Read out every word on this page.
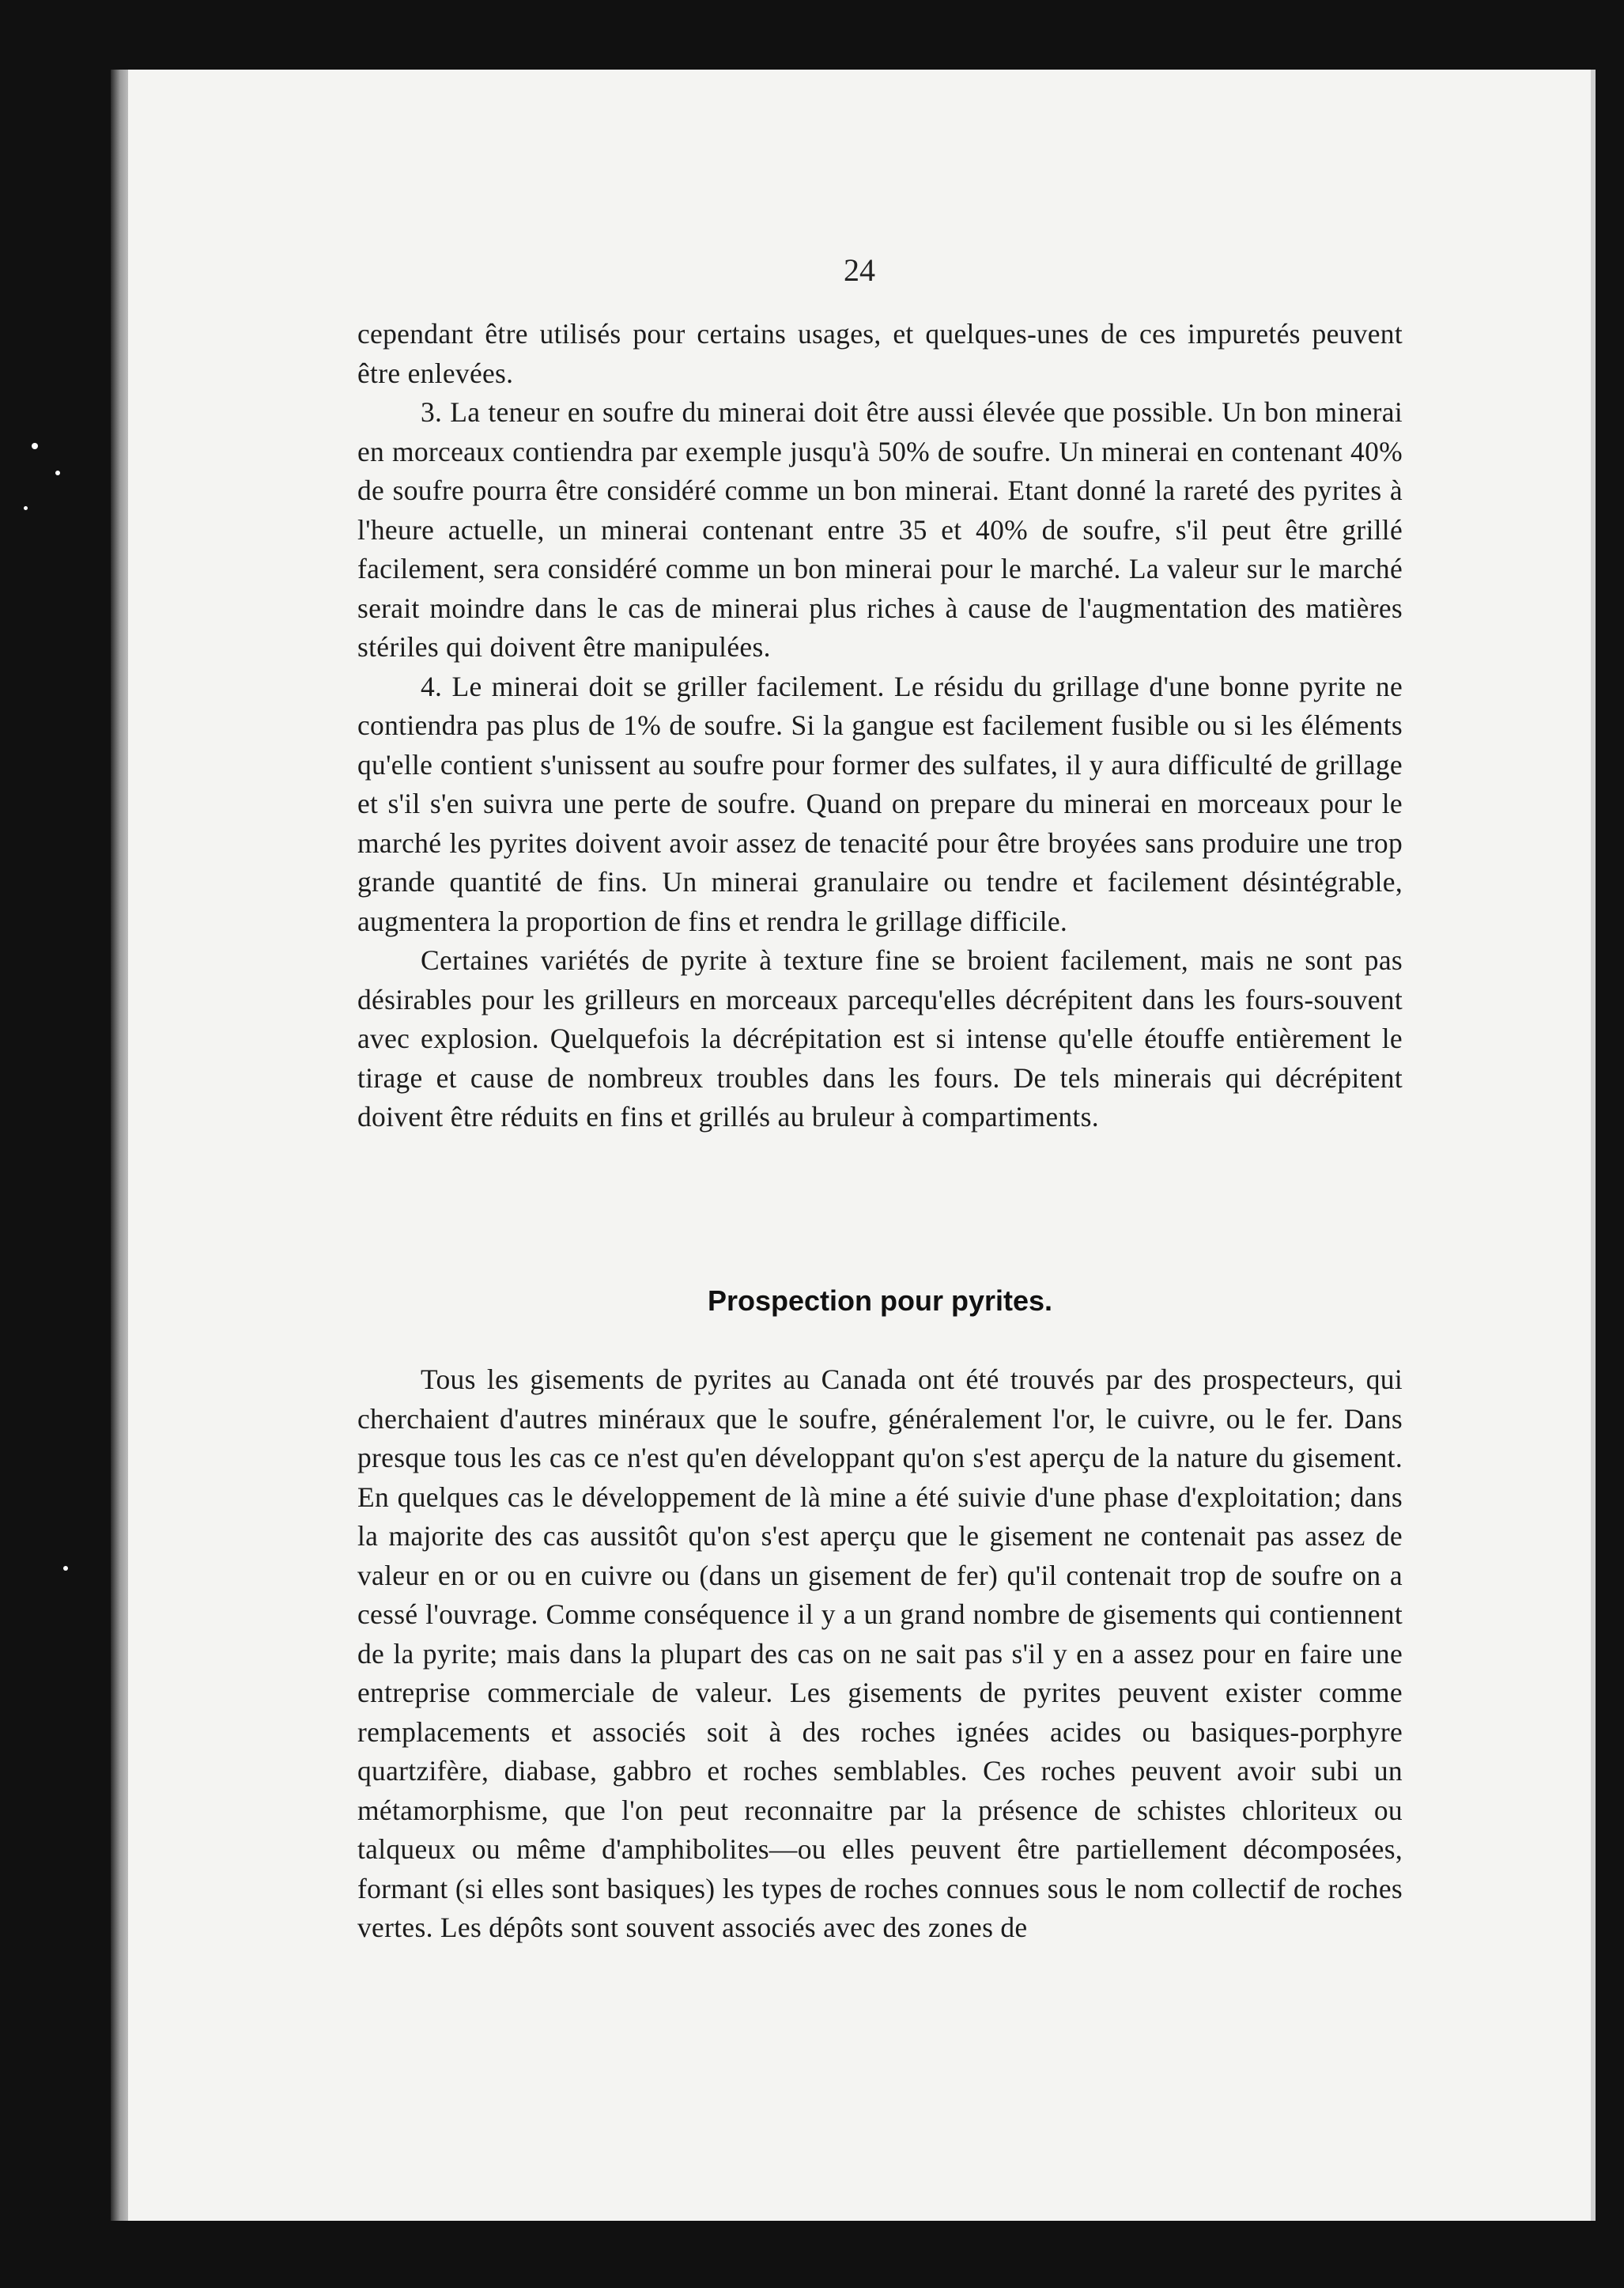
24

cependant être utilisés pour certains usages, et quelques-unes de ces impuretés peuvent être enlevées.

3. La teneur en soufre du minerai doit être aussi élevée que possible. Un bon minerai en morceaux contiendra par exemple jusqu'à 50% de soufre. Un minerai en contenant 40% de soufre pourra être considéré comme un bon minerai. Etant donné la rareté des pyrites à l'heure actuelle, un minerai contenant entre 35 et 40% de soufre, s'il peut être grillé facilement, sera considéré comme un bon minerai pour le marché. La valeur sur le marché serait moindre dans le cas de minerai plus riches à cause de l'augmentation des matières stériles qui doivent être manipulées.

4. Le minerai doit se griller facilement. Le résidu du grillage d'une bonne pyrite ne contiendra pas plus de 1% de soufre. Si la gangue est facilement fusible ou si les éléments qu'elle contient s'unissent au soufre pour former des sulfates, il y aura difficulté de grillage et s'il s'en suivra une perte de soufre. Quand on prepare du minerai en morceaux pour le marché les pyrites doivent avoir assez de tenacité pour être broyées sans produire une trop grande quantité de fins. Un minerai granulaire ou tendre et facilement désintégrable, augmentera la proportion de fins et rendra le grillage difficile.

Certaines variétés de pyrite à texture fine se broient facilement, mais ne sont pas désirables pour les grilleurs en morceaux parcequ'elles décrépitent dans les fours-souvent avec explosion. Quelquefois la décrépitation est si intense qu'elle étouffe entièrement le tirage et cause de nombreux troubles dans les fours. De tels minerais qui décrépitent doivent être réduits en fins et grillés au bruleur à compartiments.

Prospection pour pyrites.

Tous les gisements de pyrites au Canada ont été trouvés par des prospecteurs, qui cherchaient d'autres minéraux que le soufre, généralement l'or, le cuivre, ou le fer. Dans presque tous les cas ce n'est qu'en développant qu'on s'est aperçu de la nature du gisement. En quelques cas le développement de là mine a été suivie d'une phase d'exploitation; dans la majorite des cas aussitôt qu'on s'est aperçu que le gisement ne contenait pas assez de valeur en or ou en cuivre ou (dans un gisement de fer) qu'il contenait trop de soufre on a cessé l'ouvrage. Comme conséquence il y a un grand nombre de gisements qui contiennent de la pyrite; mais dans la plupart des cas on ne sait pas s'il y en a assez pour en faire une entreprise commerciale de valeur. Les gisements de pyrites peuvent exister comme remplacements et associés soit à des roches ignées acides ou basiques-porphyre quartzifère, diabase, gabbro et roches semblables. Ces roches peuvent avoir subi un métamorphisme, que l'on peut reconnaitre par la présence de schistes chloriteux ou talqueux ou même d'amphibolites—ou elles peuvent être partiellement décomposées, formant (si elles sont basiques) les types de roches connues sous le nom collectif de roches vertes. Les dépôts sont souvent associés avec des zones de
